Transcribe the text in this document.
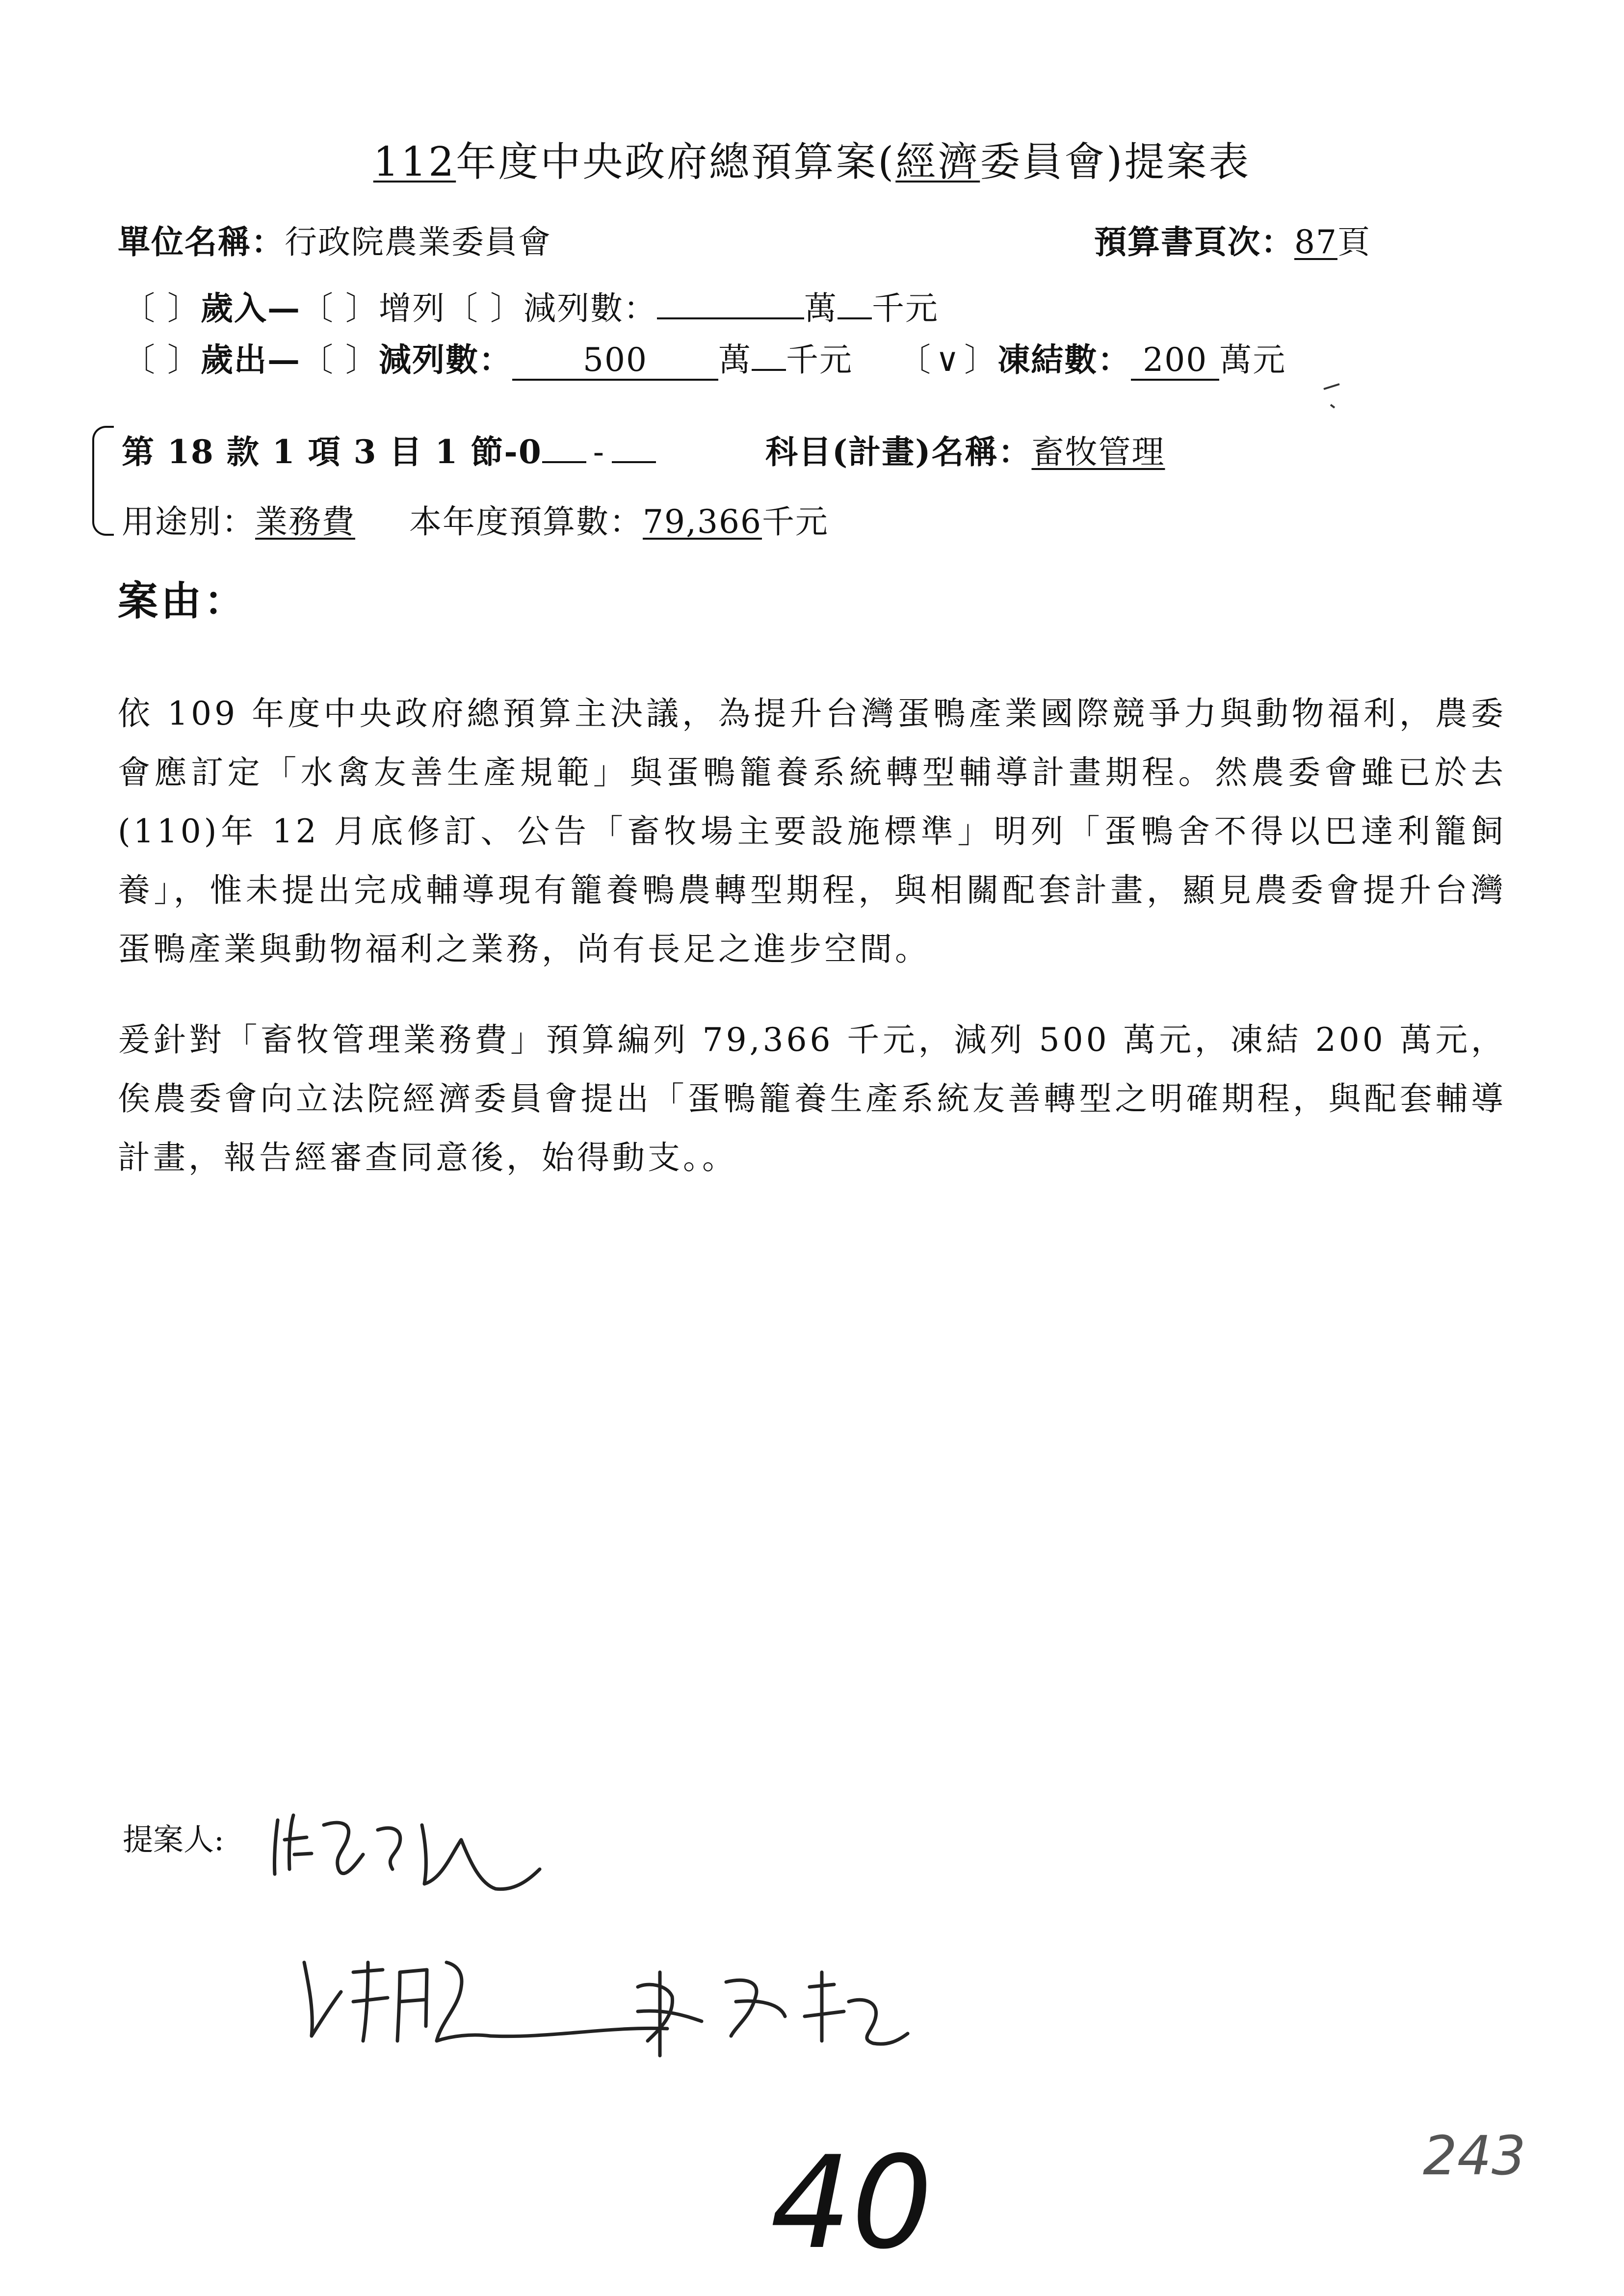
112年度中央政府總預算案(經濟委員會)提案表
單位名稱：行政院農業委員會	預算書頁次：87頁
〔 〕歲入—〔 〕增列〔 〕減列數：	萬 千元
〔 〕歲出—〔 〕減列數： 500 萬 千元 〔 ∨ 〕凍結數： 200 萬元
第 18 款 1 項 3 目 1 節-0 -	科目(計畫)名稱：畜牧管理
用途別：業務費 本年度預算數：79,366千元
案由：
依 109 年度中央政府總預算主決議，為提升台灣蛋鴨產業國際競爭力與動物福利，農委會應訂定「水禽友善生產規範」與蛋鴨籠養系統轉型輔導計畫期程。然農委會雖已於去(110)年 12 月底修訂、公告「畜牧場主要設施標準」明列「蛋鴨舍不得以巴達利籠飼養」，惟未提出完成輔導現有籠養鴨農轉型期程，與相關配套計畫，顯見農委會提升台灣蛋鴨產業與動物福利之業務，尚有長足之進步空間。
爰針對「畜牧管理業務費」預算編列 79,366 千元，減列 500 萬元，凍結 200 萬元，俟農委會向立法院經濟委員會提出「蛋鴨籠養生產系統友善轉型之明確期程，與配套輔導計畫，報告經審查同意後，始得動支。。
提案人:
40	243
